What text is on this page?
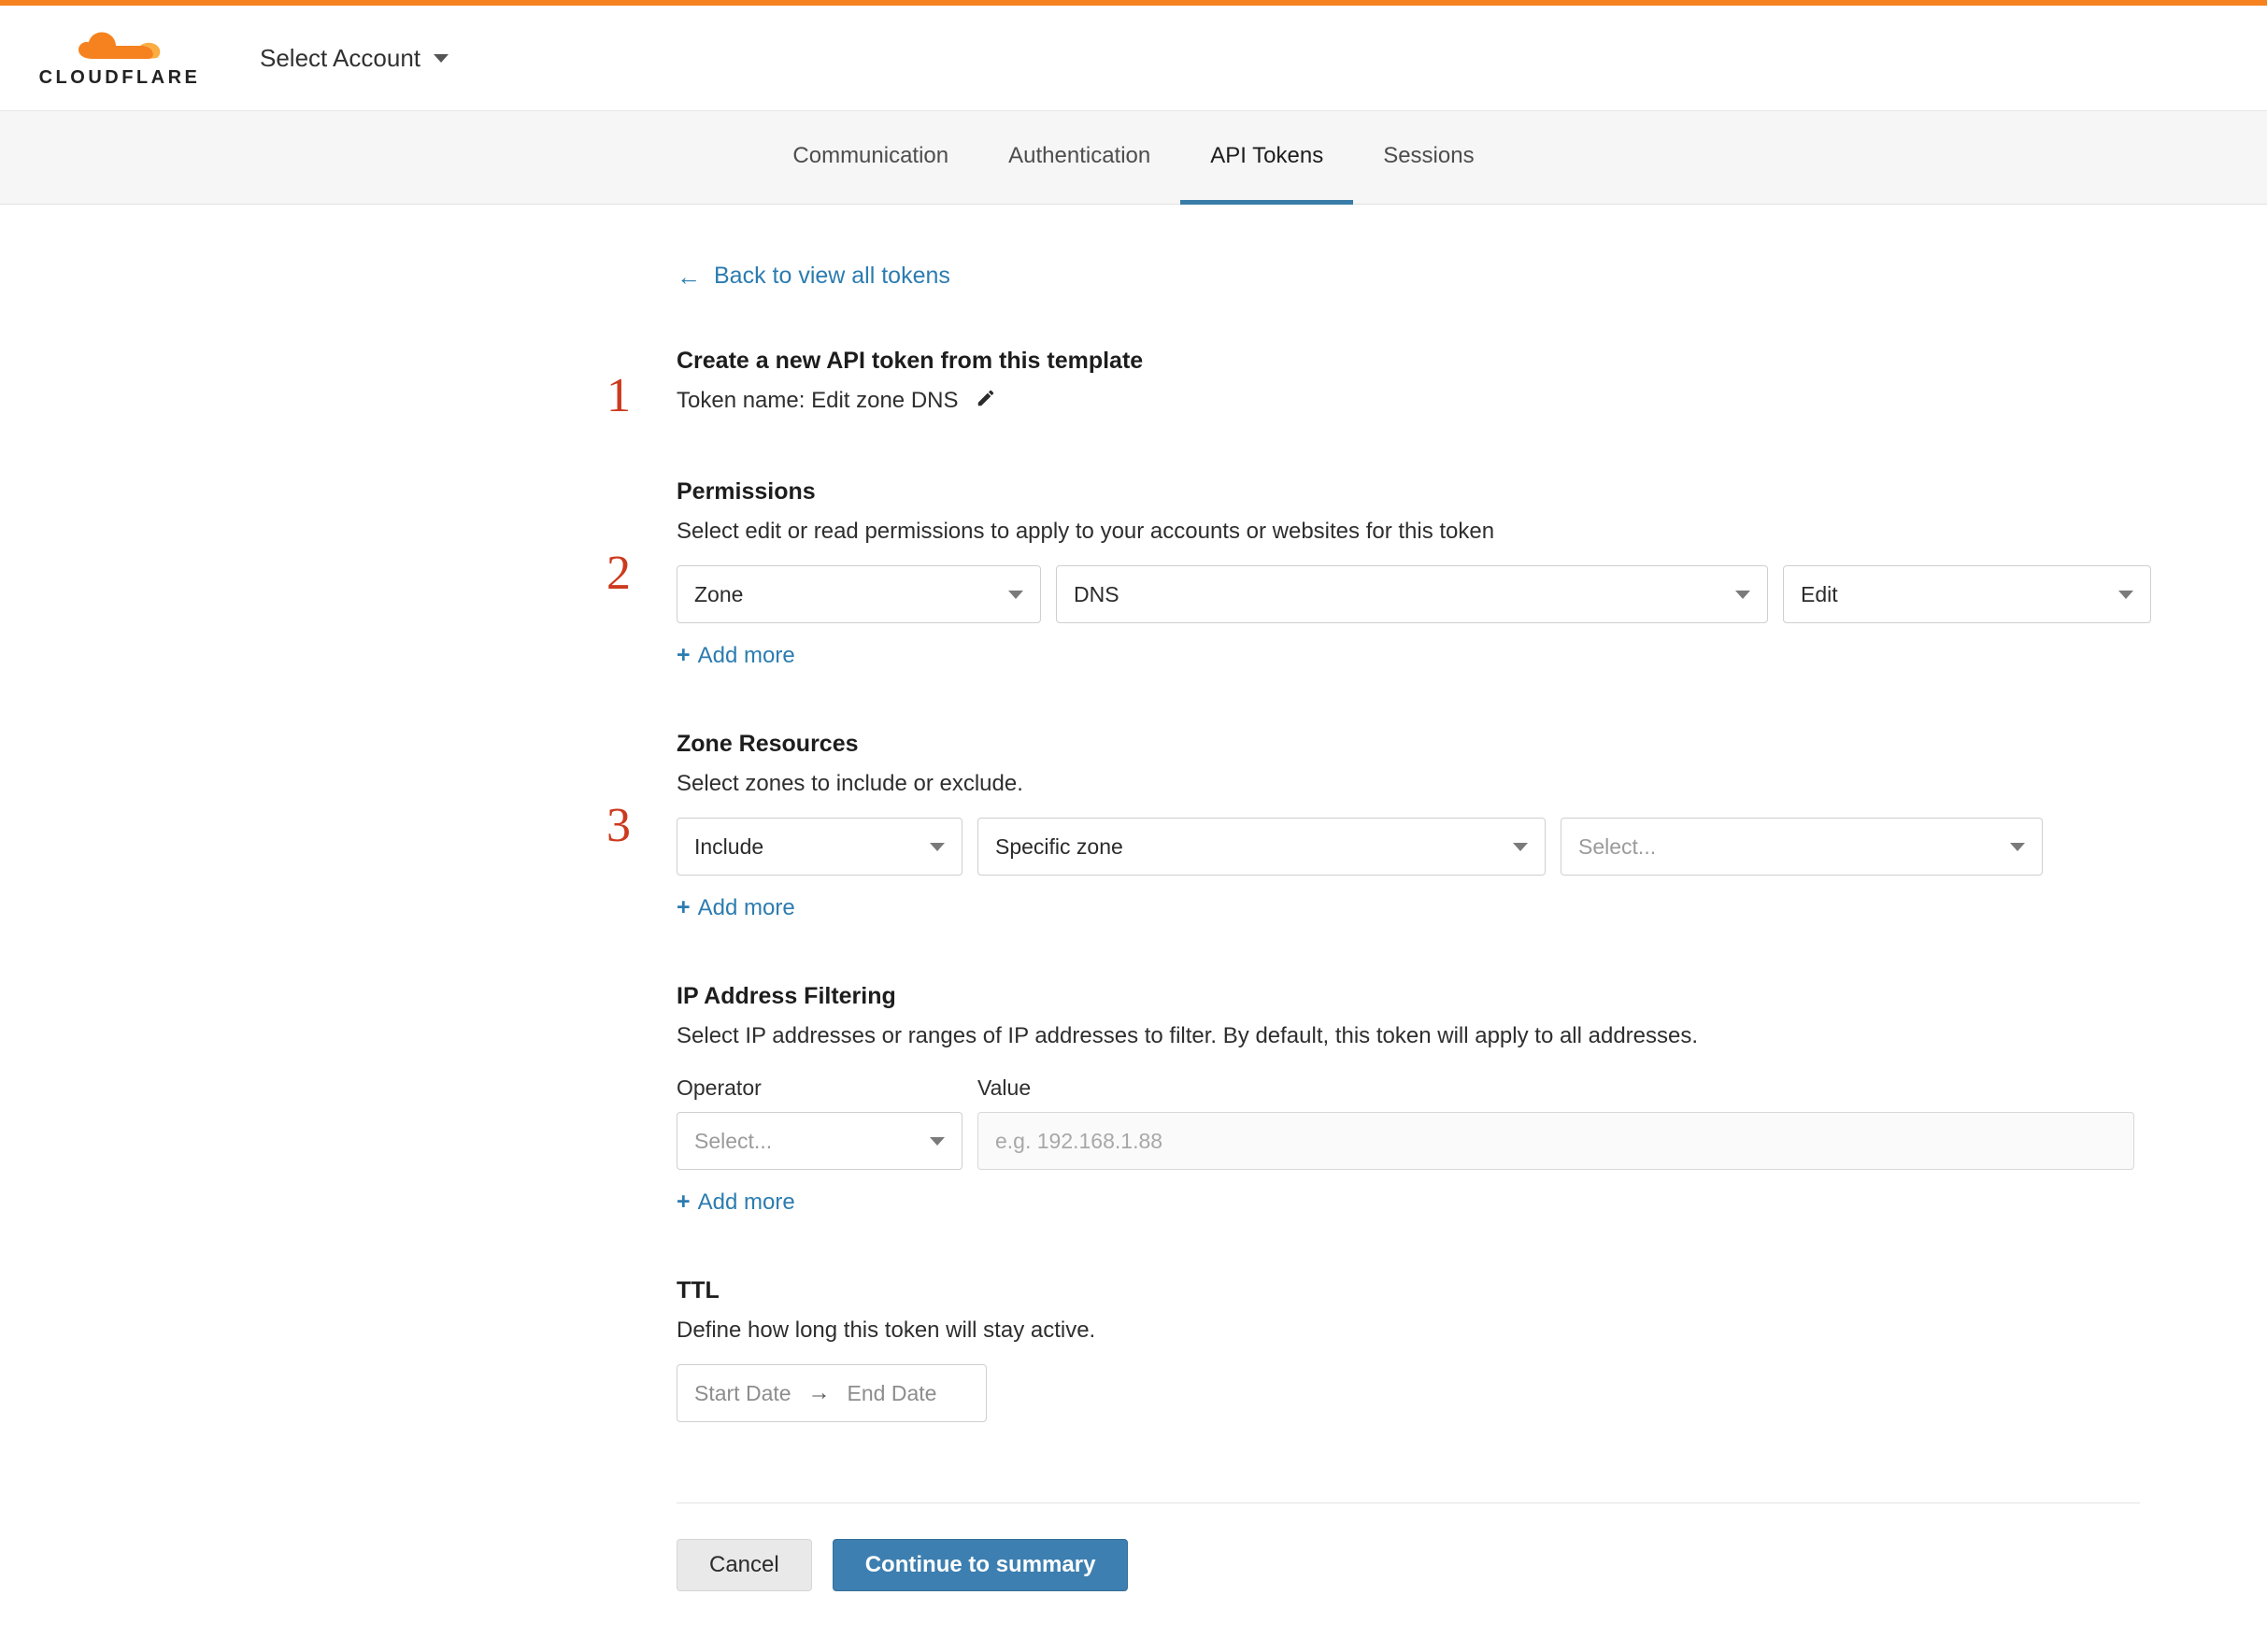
CLOUDFLARE
Select Account
Communication	Authentication	API Tokens	Sessions
← Back to view all tokens
1
Create a new API token from this template
Token name: Edit zone DNS
2
Permissions
Select edit or read permissions to apply to your accounts or websites for this token
Zone	DNS	Edit
+ Add more
3
Zone Resources
Select zones to include or exclude.
Include	Specific zone	Select...
+ Add more
IP Address Filtering
Select IP addresses or ranges of IP addresses to filter. By default, this token will apply to all addresses.
Operator	Value
Select...	e.g. 192.168.1.88
+ Add more
TTL
Define how long this token will stay active.
Start Date → End Date
Cancel	Continue to summary
